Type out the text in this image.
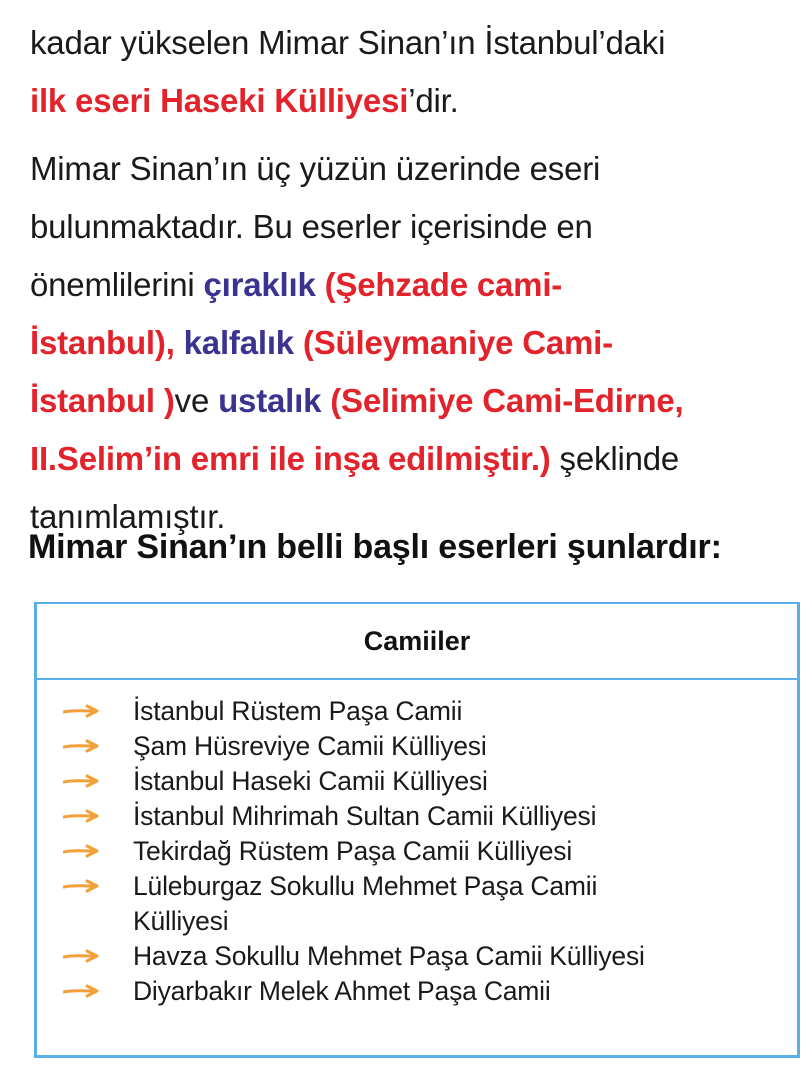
kadar yükselen Mimar Sinan’ın İstanbul’daki
ilk eseri Haseki Külliyesi’dir.

Mimar Sinan’ın üç yüzün üzerinde eseri
bulunmaktadır. Bu eserler içerisinde en
önemlilerini çıraklık (Şehzade cami-
İstanbul), kalfalık (Süleymaniye Cami-
İstanbul )ve ustalık (Selimiye Cami-Edirne,
II.Selim’in emri ile inşa edilmiştir.) şeklinde
tanımlamıştır.

Mimar Sinan’ın belli başlı eserleri şunlardır:
Camiiler
İstanbul Rüstem Paşa Camii
Şam Hüsreviye Camii Külliyesi
İstanbul Haseki Camii Külliyesi
İstanbul Mihrimah Sultan Camii Külliyesi
Tekirdağ Rüstem Paşa Camii Külliyesi
Lüleburgaz Sokullu Mehmet Paşa Camii
Külliyesi
Havza Sokullu Mehmet Paşa Camii Külliyesi
Diyarbakır Melek Ahmet Paşa Camii
